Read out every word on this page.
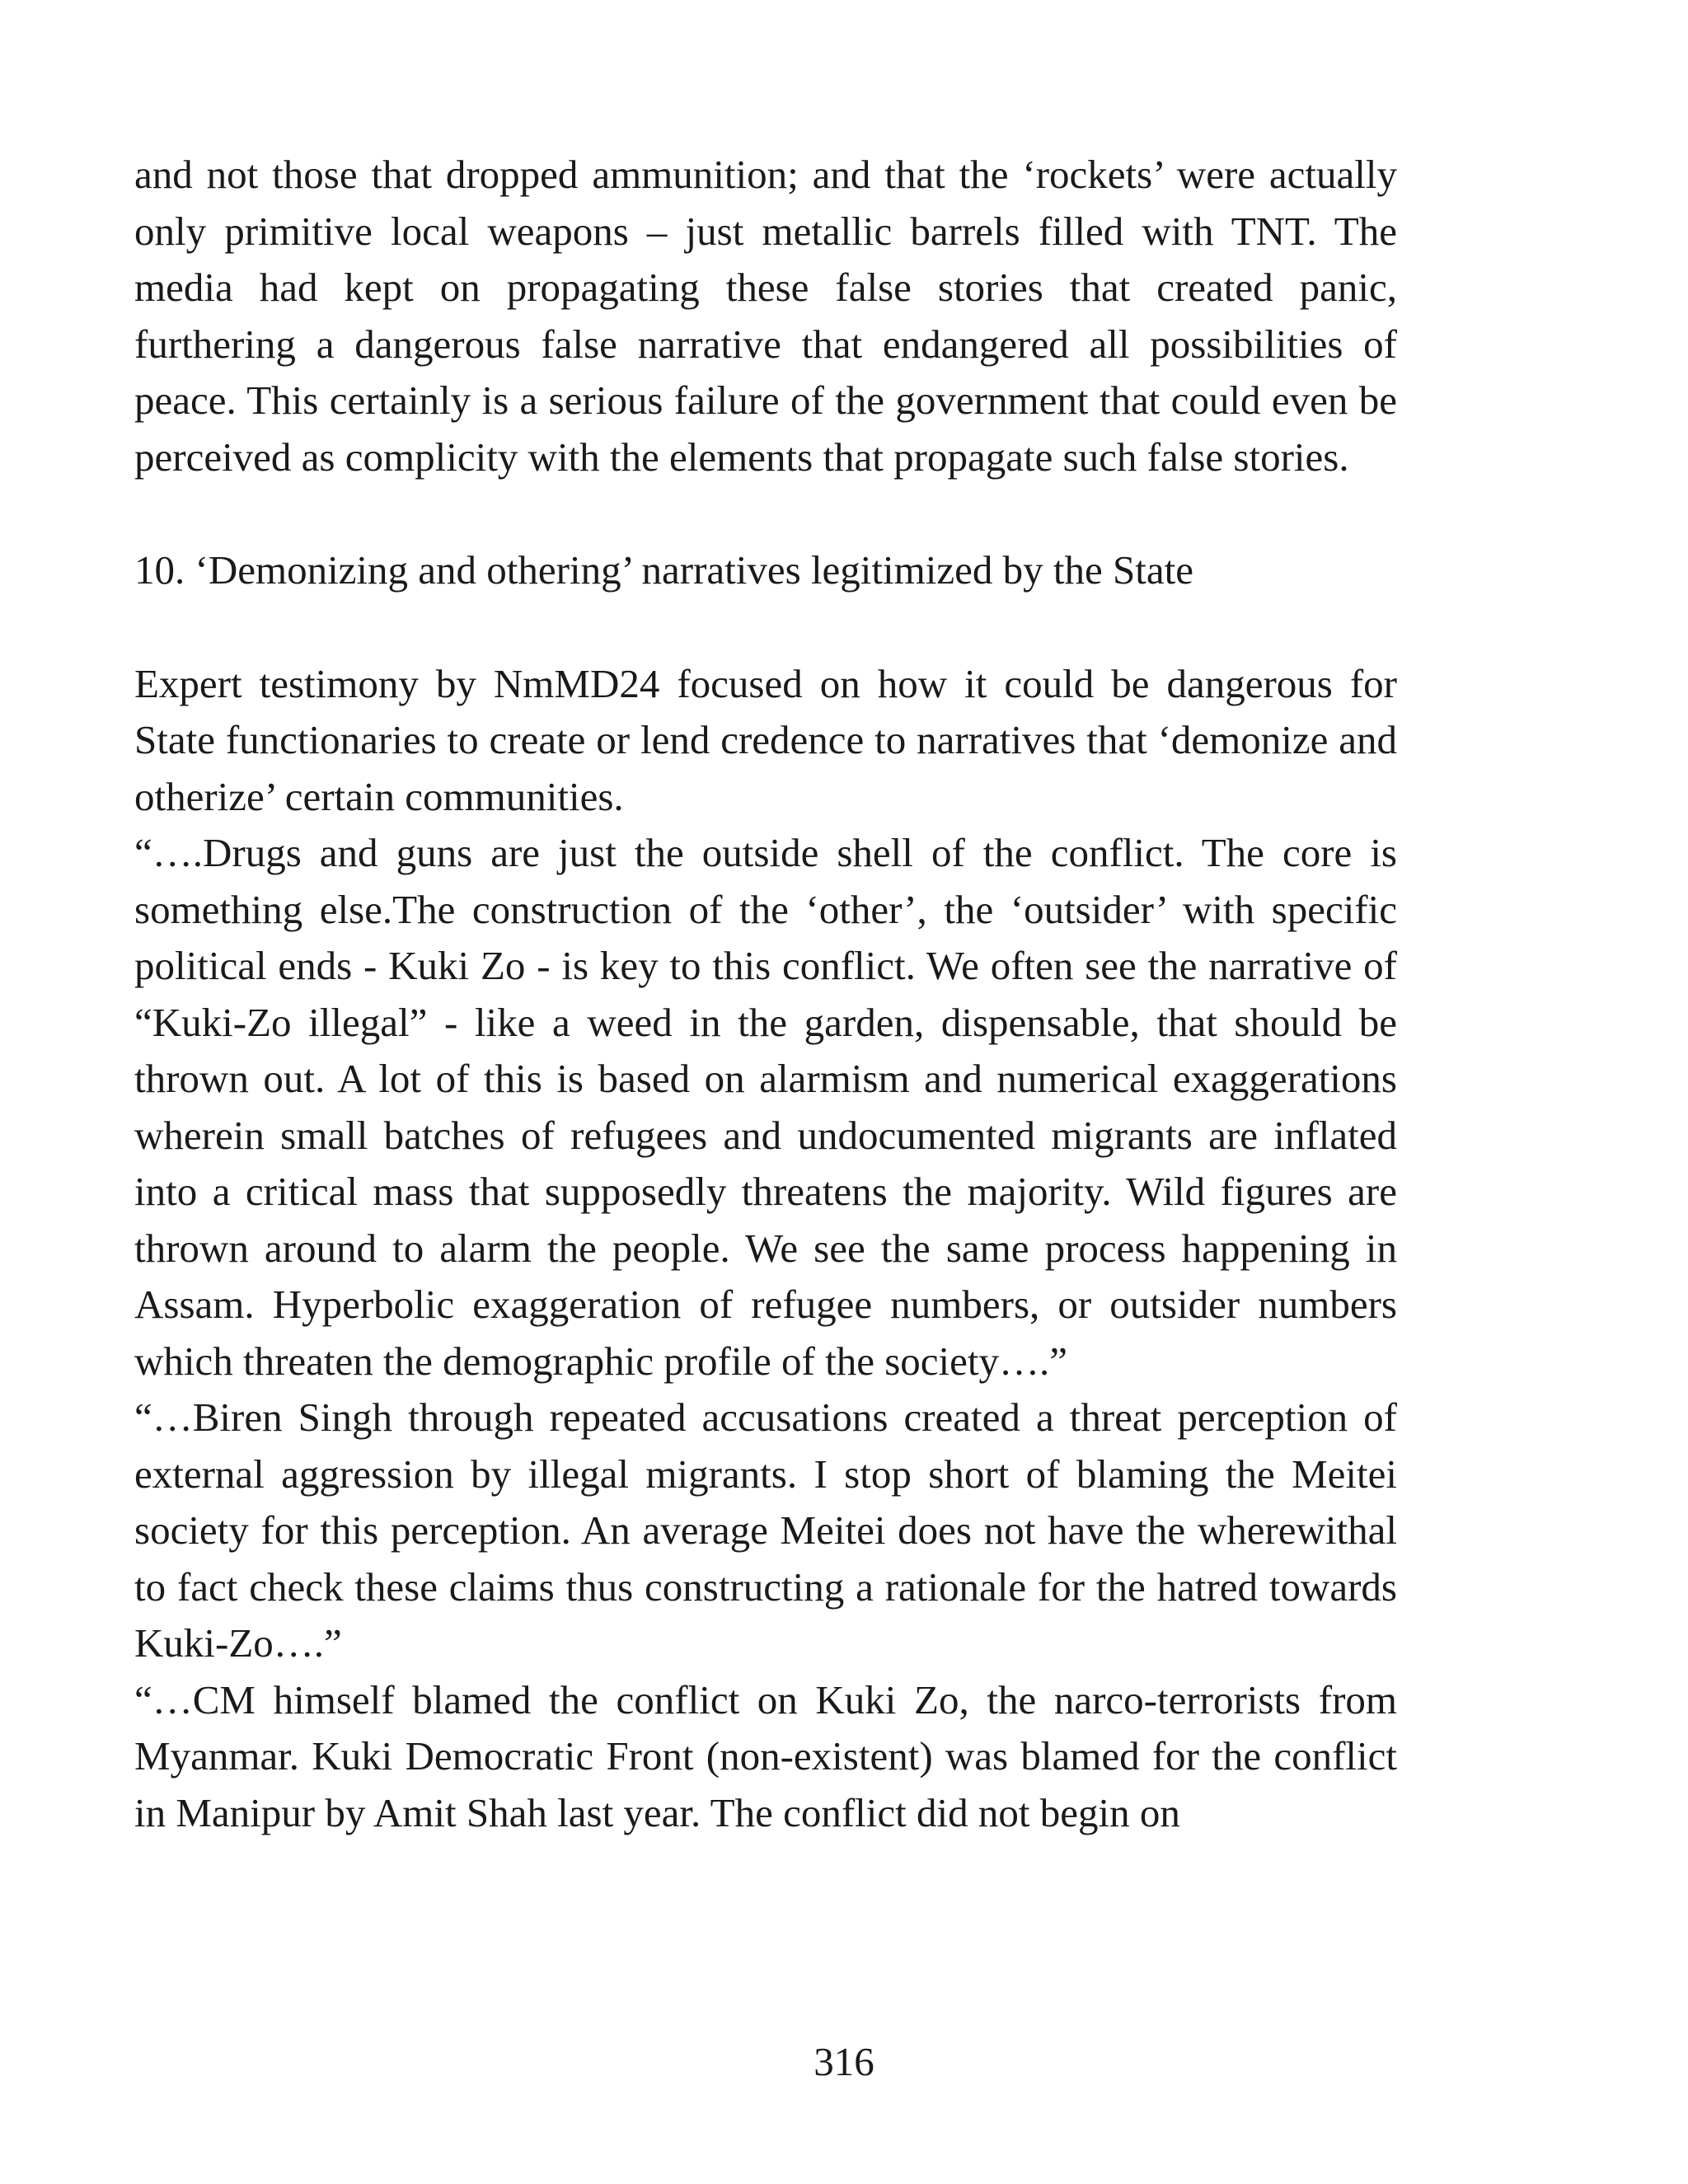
and not those that dropped ammunition; and that the ‘rockets’ were actually only primitive local weapons – just metallic barrels filled with TNT. The media had kept on propagating these false stories that created panic, furthering a dangerous false narrative that endangered all possibilities of peace. This certainly is a serious failure of the government that could even be perceived as complicity with the elements that propagate such false stories.

10. ‘Demonizing and othering’ narratives legitimized by the State

Expert testimony by NmMD24 focused on how it could be dangerous for State functionaries to create or lend credence to narratives that ‘demonize and otherize’ certain communities.

“….Drugs and guns are just the outside shell of the conflict. The core is something else.The construction of the ‘other’, the ‘outsider’ with specific political ends - Kuki Zo - is key to this conflict. We often see the narrative of “Kuki-Zo illegal” - like a weed in the garden, dispensable, that should be thrown out. A lot of this is based on alarmism and numerical exaggerations wherein small batches of refugees and undocumented migrants are inflated into a critical mass that supposedly threatens the majority. Wild figures are thrown around to alarm the people. We see the same process happening in Assam. Hyperbolic exaggeration of refugee numbers, or outsider numbers which threaten the demographic profile of the society….”

“…Biren Singh through repeated accusations created a threat perception of external aggression by illegal migrants. I stop short of blaming the Meitei society for this perception. An average Meitei does not have the wherewithal to fact check these claims thus constructing a rationale for the hatred towards Kuki-Zo….”

“…CM himself blamed the conflict on Kuki Zo, the narco-terrorists from Myanmar. Kuki Democratic Front (non-existent) was blamed for the conflict in Manipur by Amit Shah last year. The conflict did not begin on

316
